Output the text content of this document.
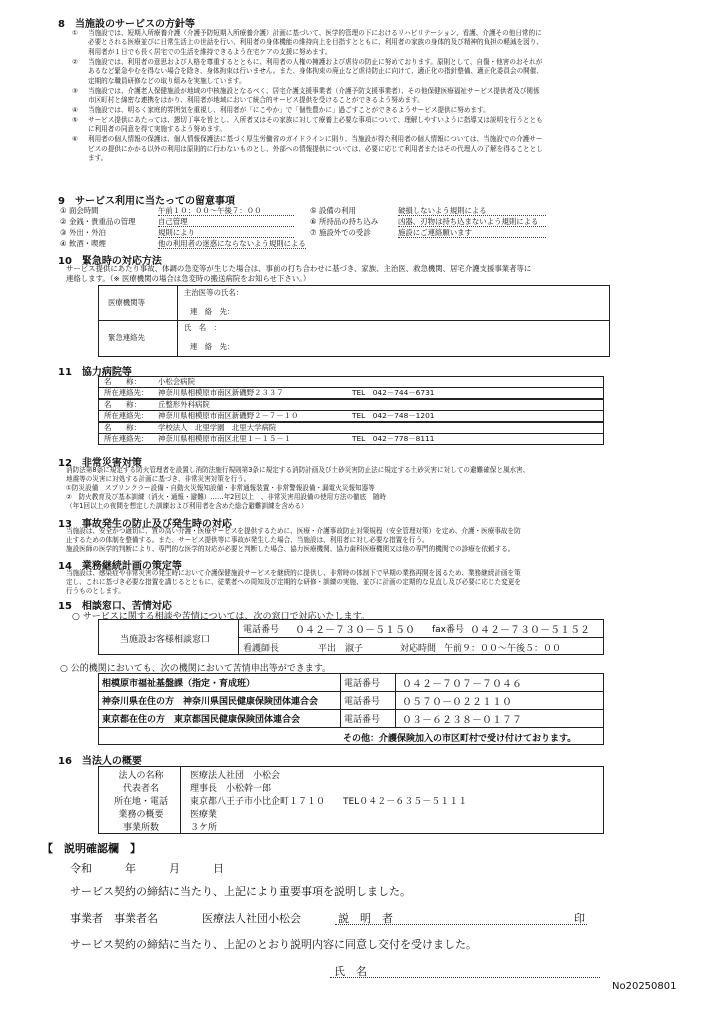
8　当施設のサービスの方針等
① 当施設では、短期入所療養介護（介護予防短期入所療養介護）計画に基づいて、医学的管理の下におけるリハビリテーション、看護、介護その他日常的に
必要とされる医療並びに日常生活上の世話を行い、利用者の身体機能の維持向上を目指すとともに、利用者の家族の身体的及び精神的負担の軽減を図り、
利用者が１日でも長く居宅での生活を維持できるよう在宅ケアの支援に努めます。
② 当施設では、利用者の意思および人格を尊重するとともに、利用者の人権の擁護および虐待の防止に努めております。原則として、自傷・他害のおそれが
あるなど緊急やむを得ない場合を除き、身体拘束は行いません。また、身体拘束の廃止など虐待防止に向けて、適正化の指針整備、適正化委員会の開催、
定期的な職員研修などの取り組みを実施しています。
③ 当施設では、介護老人保健施設が地域の中核施設となるべく、居宅介護支援事業者（介護予防支援事業者）、その他保健医療福祉サービス提供者及び関係
市区町村と綿密な連携をはかり、利用者が地域において統合的サービス提供を受けることができるよう努めます。
④ 当施設では、明るく家庭的雰囲気を重視し、利用者が「にこやか」で「個性豊かに」過ごすことができるようサービス提供に努めます。
⑤ サービス提供にあたっては、懇切丁寧を旨とし、入所者又はその家族に対して療養上必要な事項について、理解しやすいように指導又は説明を行うととも
に利用者の同意を得て実施するよう努めます。
⑥ 利用者の個人情報の保護は、個人情報保護法に基づく厚生労働省のガイドラインに則り、当施設が得た利用者の個人情報については、当施設での介護サー
ビスの提供にかかる以外の利用は原則的に行わないものとし、外部への情報提供については、必要に応じて利用者またはその代理人の了解を得ることとし
ます。
9　サービス利用に当たっての留意事項
① 面会時間	午前１０：００～午後７：００
② 金銭・貴重品の管理	自己管理
③ 外出・外泊	規則により
④ 飲酒・喫煙	他の利用者の迷惑にならないよう規則による
⑤ 設備の利用	破損しないよう規則による
⑥ 所持品の持ち込み	凶器、刃物は持ち込まないよう規則による
⑦ 施設外での受診	施設にご連絡願います
10　緊急時の対応方法
サービス提供にあたり事故、体調の急変等が生じた場合は、事前の打ち合わせに基づき、家族、主治医、救急機関、居宅介護支援事業者等に
連絡します。（※ 医療機関の場合は急変時の搬送病院をお知らせ下さい。）
医療機関等
主治医等の氏名：
連　絡　先：
緊急連絡先
氏　名　：
連　絡　先：
11　協力病院等
名　　称： 小松会病院
所在連絡先： 神奈川県相模原市南区新磯野２３３７	TEL　042－744－6731
名　　称： 丘整形外科病院
所在連絡先： 神奈川県相模原市南区新磯野２－７－１０	TEL　042－748－1201
名　　称： 学校法人　北里学園　北里大学病院
所在連絡先： 神奈川県相模原市南区北里１－１５－１	TEL　042－778－8111
12　非常災害対策
消防法第8条に規定する防火管理者を設置し消防法施行規則第3条に規定する消防計画及び土砂災害防止法に規定する土砂災害に対しての避難確保と風水害、
地震等の災害に対処する計画に基づき、非常災害対策を行う。
①防災設備　スプリンクラー設備・自動火災報知設備・非常通報装置・非常警報設備・漏電火災報知器等
②　防火教育及び基本訓練（消火・通報・避難）……年2回以上　、非常災害用設備の使用方法の徹底　随時
（年1回以上の夜間を想定した訓練および利用者を含めた総合避難訓練を含める）
13　事故発生の防止及び発生時の対応
当施設は、安全かつ適切に、質の高い介護・医療サービスを提供するために、医療・介護事故防止対策規程（安全管理対策）を定め、介護・医療事故を防
止するための体制を整備する。また、サービス提供等に事故が発生した場合、当施設は、利用者に対し必要な措置を行う。
施設医師の医学的判断により、専門的な医学的対応が必要と判断した場合、協力医療機関、協力歯科医療機関又は他の専門的機関での診療を依頼する。
14　業務継続計画の策定等
当施設は、感染症や非常災害の発生時において介護保健施設サービスを継続的に提供し、非常時の体制下で早期の業務再開を図るため、業務継続計画を策
定し、これに基づき必要な措置を講じるとともに、従業者への周知及び定期的な研修・訓練の実施、並びに計画の定期的な見直し及び必要に応じた変更を
行うものとします。
15　相談窓口、苦情対応
○ サービスに関する相談や苦情については、次の窓口で対応いたします。
当施設お客様相談窓口
電話番号 ０４２－７３０－５１５０ fax番号 ０４２－７３０－５１５２
看護師長	平出　淑子	対応時間 午前９：００～午後５：００
○ 公的機関においても、次の機関において苦情申出等ができます。
相模原市福祉基盤課（指定・育成班）	電話番号 ０４２－７０７－７０４６
神奈川県在住の方　神奈川県国民健康保険団体連合会	電話番号 ０５７０－０２２１１０
東京都在住の方　東京都国民健康保険団体連合会	電話番号 ０３－６２３８－０１７７
その他：介護保険加入の市区町村で受け付けております。
16　当法人の概要
法人の名称	医療法人社団　小松会
代表者名	理事長　小松幹一郎
所在地・電話	東京都八王子市小比企町１７１０　　TEL０４２－６３５－５１１１
業務の概要	医療業
事業所数	３ケ所
【　説明確認欄　】
令和　　　年　　　月　　　日
サービス契約の締結に当たり、上記により重要事項を説明しました。
事業者　事業者名	医療法人社団小松会	説　明　者	印
サービス契約の締結に当たり、上記のとおり説明内容に同意し交付を受けました。
氏　名
No20250801
